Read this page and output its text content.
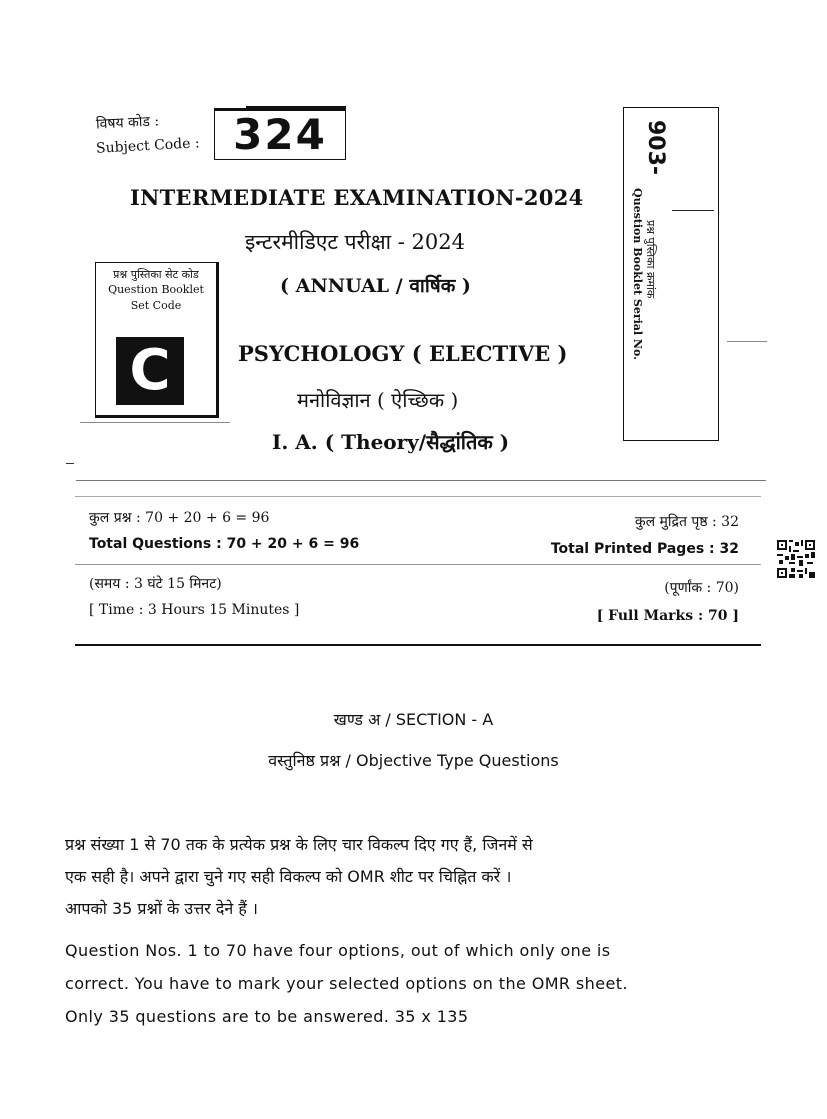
विषय कोड :
Subject Code : 324
INTERMEDIATE EXAMINATION-2024
इन्टरमीडिएट परीक्षा - 2024
( ANNUAL / वार्षिक )
PSYCHOLOGY ( ELECTIVE )
मनोविज्ञान ( ऐच्छिक )
I. A. ( Theory/सैद्धांतिक )
प्रश्न पुस्तिका सेट कोड
Question Booklet
Set Code
C
903-
Question Booklet Serial No. प्रश्न पुस्तिका क्रमांक
कुल प्रश्न : 70 + 20 + 6 = 96
Total Questions : 70 + 20 + 6 = 96
कुल मुद्रित पृष्ठ : 32
Total Printed Pages : 32
(समय : 3 घंटे 15 मिनट)
[ Time : 3 Hours 15 Minutes ]
(पूर्णांक : 70)
[ Full Marks : 70 ]
खण्ड अ / SECTION - A
वस्तुनिष्ठ प्रश्न / Objective Type Questions

प्रश्न संख्या 1 से 70 तक के प्रत्येक प्रश्न के लिए चार विकल्प दिए गए हैं, जिनमें से

एक सही है। अपने द्वारा चुने गए सही विकल्प को OMR शीट पर चिह्नित करें ।

आपको 35 प्रश्नों के उत्तर देने हैं ।

Question Nos. 1 to 70 have four options, out of which only one is

correct. You have to mark your selected options on the OMR sheet.

Only 35 questions are to be answered. 35 x 135
